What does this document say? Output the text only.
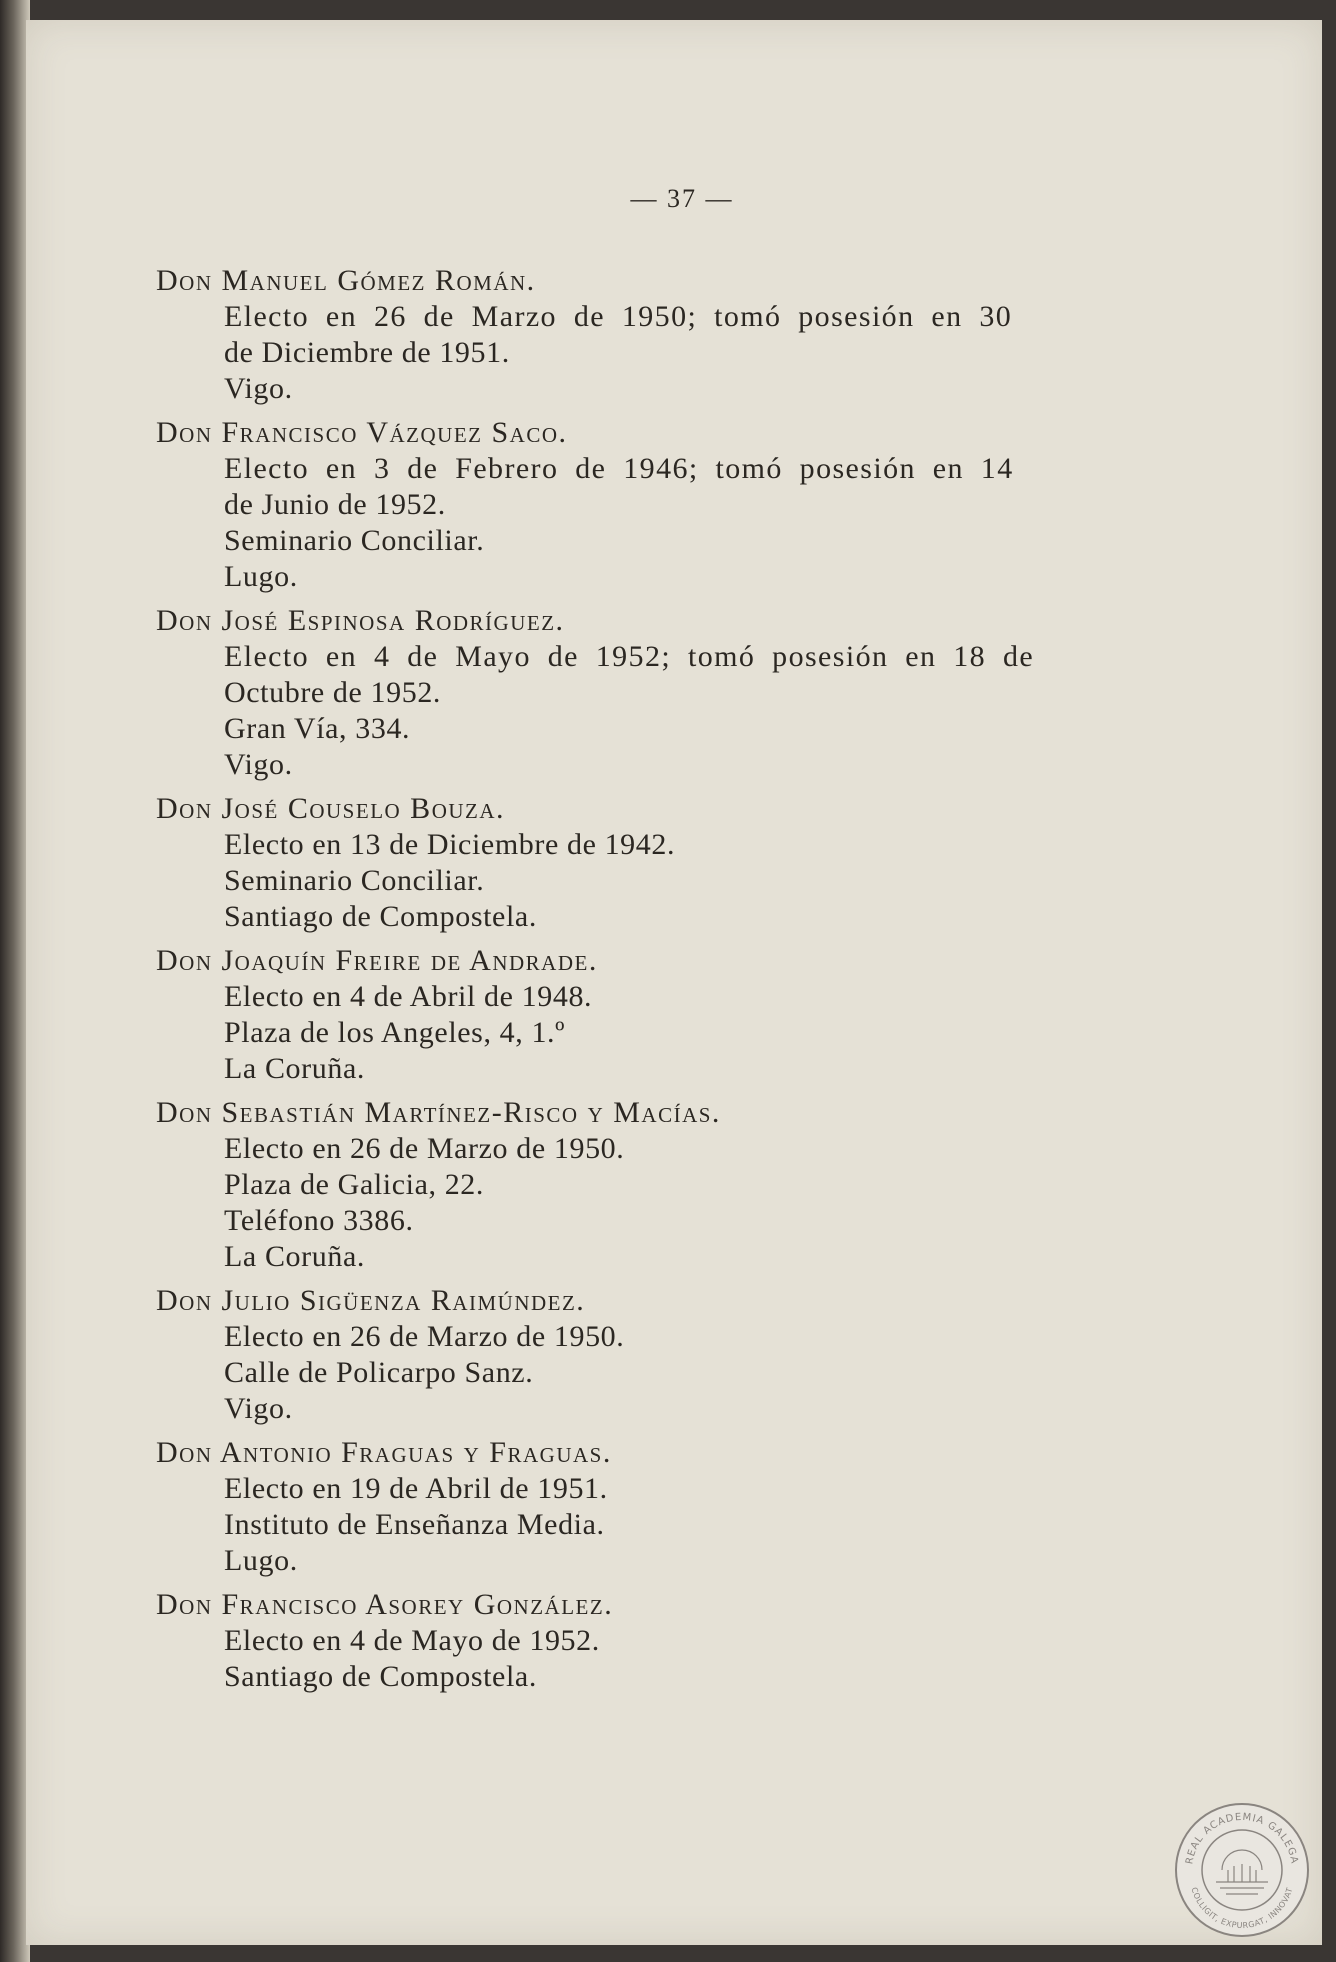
— 37 —
Don Manuel Gómez Román.
Electo en 26 de Marzo de 1950; tomó posesión en 30
de Diciembre de 1951.
Vigo.
Don Francisco Vázquez Saco.
Electo en 3 de Febrero de 1946; tomó posesión en 14
de Junio de 1952.
Seminario Conciliar.
Lugo.
Don José Espinosa Rodríguez.
Electo en 4 de Mayo de 1952; tomó posesión en 18 de
Octubre de 1952.
Gran Vía, 334.
Vigo.
Don José Couselo Bouza.
Electo en 13 de Diciembre de 1942.
Seminario Conciliar.
Santiago de Compostela.
Don Joaquín Freire de Andrade.
Electo en 4 de Abril de 1948.
Plaza de los Angeles, 4, 1.º
La Coruña.
Don Sebastián Martínez-Risco y Macías.
Electo en 26 de Marzo de 1950.
Plaza de Galicia, 22.
Teléfono 3386.
La Coruña.
Don Julio Sigüenza Raimúndez.
Electo en 26 de Marzo de 1950.
Calle de Policarpo Sanz.
Vigo.
Don Antonio Fraguas y Fraguas.
Electo en 19 de Abril de 1951.
Instituto de Enseñanza Media.
Lugo.
Don Francisco Asorey González.
Electo en 4 de Mayo de 1952.
Santiago de Compostela.
REAL ACADEMIA GALEGA
COLLIGIT, EXPURGAT, INNOVAT
